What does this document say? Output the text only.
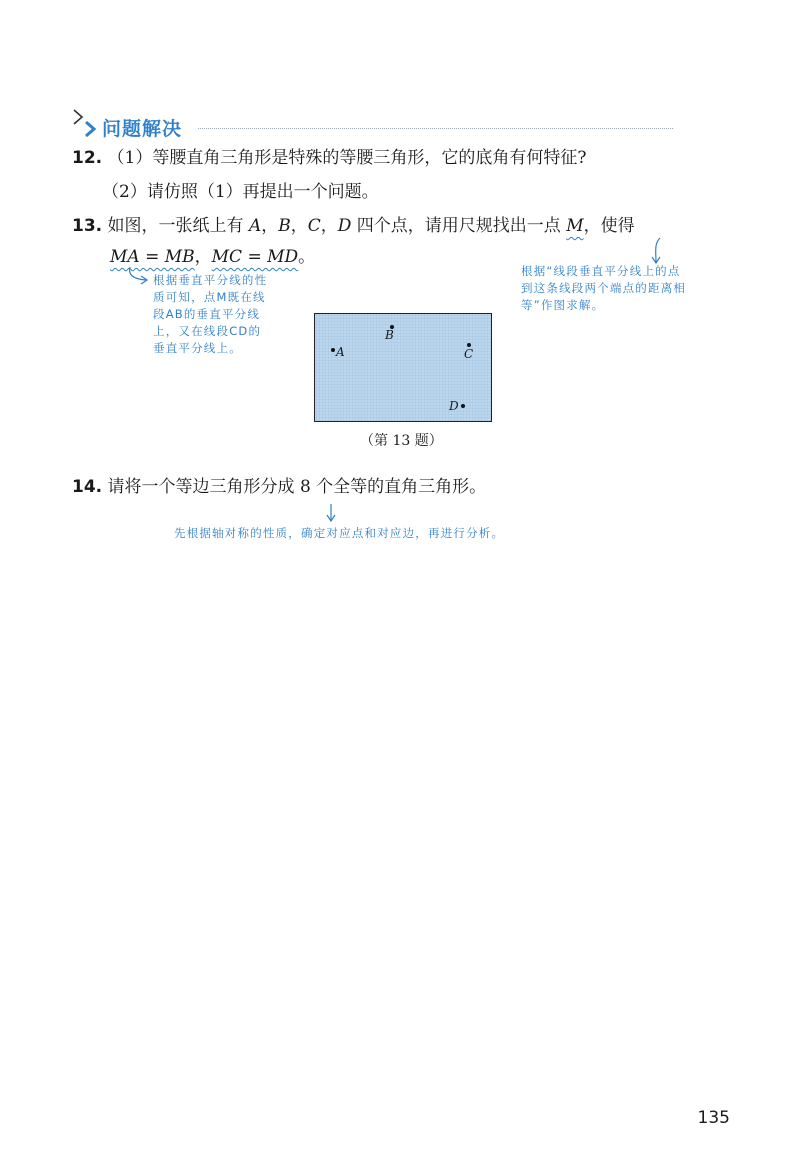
问题解决
12. （1）等腰直角三角形是特殊的等腰三角形，它的底角有何特征?
（2）请仿照（1）再提出一个问题。
13. 如图，一张纸上有 A，B，C，D 四个点，请用尺规找出一点 M，使得
MA = MB，MC = MD。
根据垂直平分线的性
质可知，点M既在线
段AB的垂直平分线
上，又在线段CD的
垂直平分线上。
根据“线段垂直平分线上的点
到这条线段两个端点的距离相
等”作图求解。
A
B
C
D
（第 13 题）
14. 请将一个等边三角形分成 8 个全等的直角三角形。
先根据轴对称的性质，确定对应点和对应边，再进行分析。
135
